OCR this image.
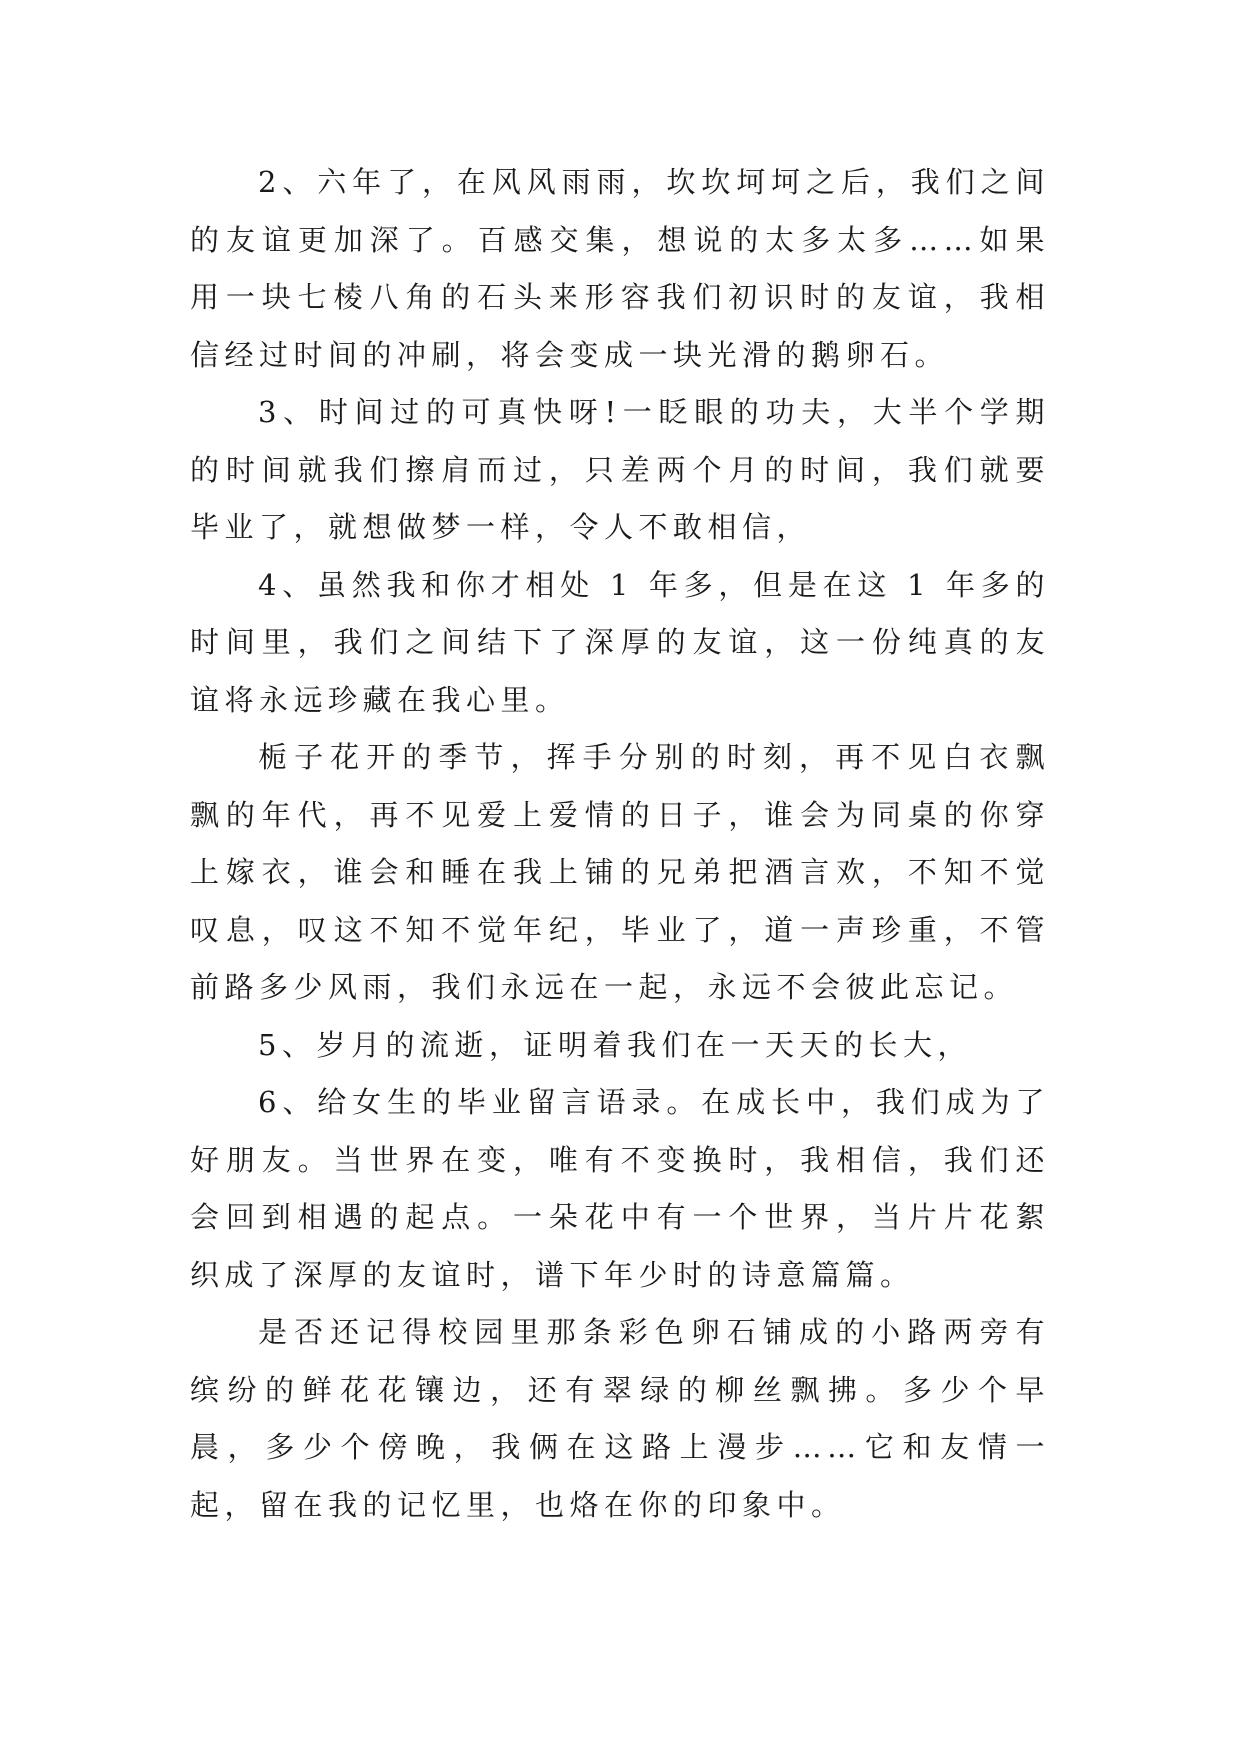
2、六年了，在风风雨雨，坎坎坷坷之后，我们之间的友谊更加深了。百感交集，想说的太多太多……如果用一块七棱八角的石头来形容我们初识时的友谊，我相信经过时间的冲刷，将会变成一块光滑的鹅卵石。

3、时间过的可真快呀!一眨眼的功夫，大半个学期的时间就我们擦肩而过，只差两个月的时间，我们就要毕业了，就想做梦一样，令人不敢相信，

4、虽然我和你才相处 1 年多，但是在这 1 年多的时间里，我们之间结下了深厚的友谊，这一份纯真的友谊将永远珍藏在我心里。

栀子花开的季节，挥手分别的时刻，再不见白衣飘飘的年代，再不见爱上爱情的日子，谁会为同桌的你穿上嫁衣，谁会和睡在我上铺的兄弟把酒言欢，不知不觉叹息，叹这不知不觉年纪，毕业了，道一声珍重，不管前路多少风雨，我们永远在一起，永远不会彼此忘记。

5、岁月的流逝，证明着我们在一天天的长大，

6、给女生的毕业留言语录。在成长中，我们成为了好朋友。当世界在变，唯有不变换时，我相信，我们还会回到相遇的起点。一朵花中有一个世界，当片片花絮织成了深厚的友谊时，谱下年少时的诗意篇篇。

是否还记得校园里那条彩色卵石铺成的小路两旁有缤纷的鲜花花镶边，还有翠绿的柳丝飘拂。多少个早晨，多少个傍晚，我俩在这路上漫步……它和友情一起，留在我的记忆里，也烙在你的印象中。
